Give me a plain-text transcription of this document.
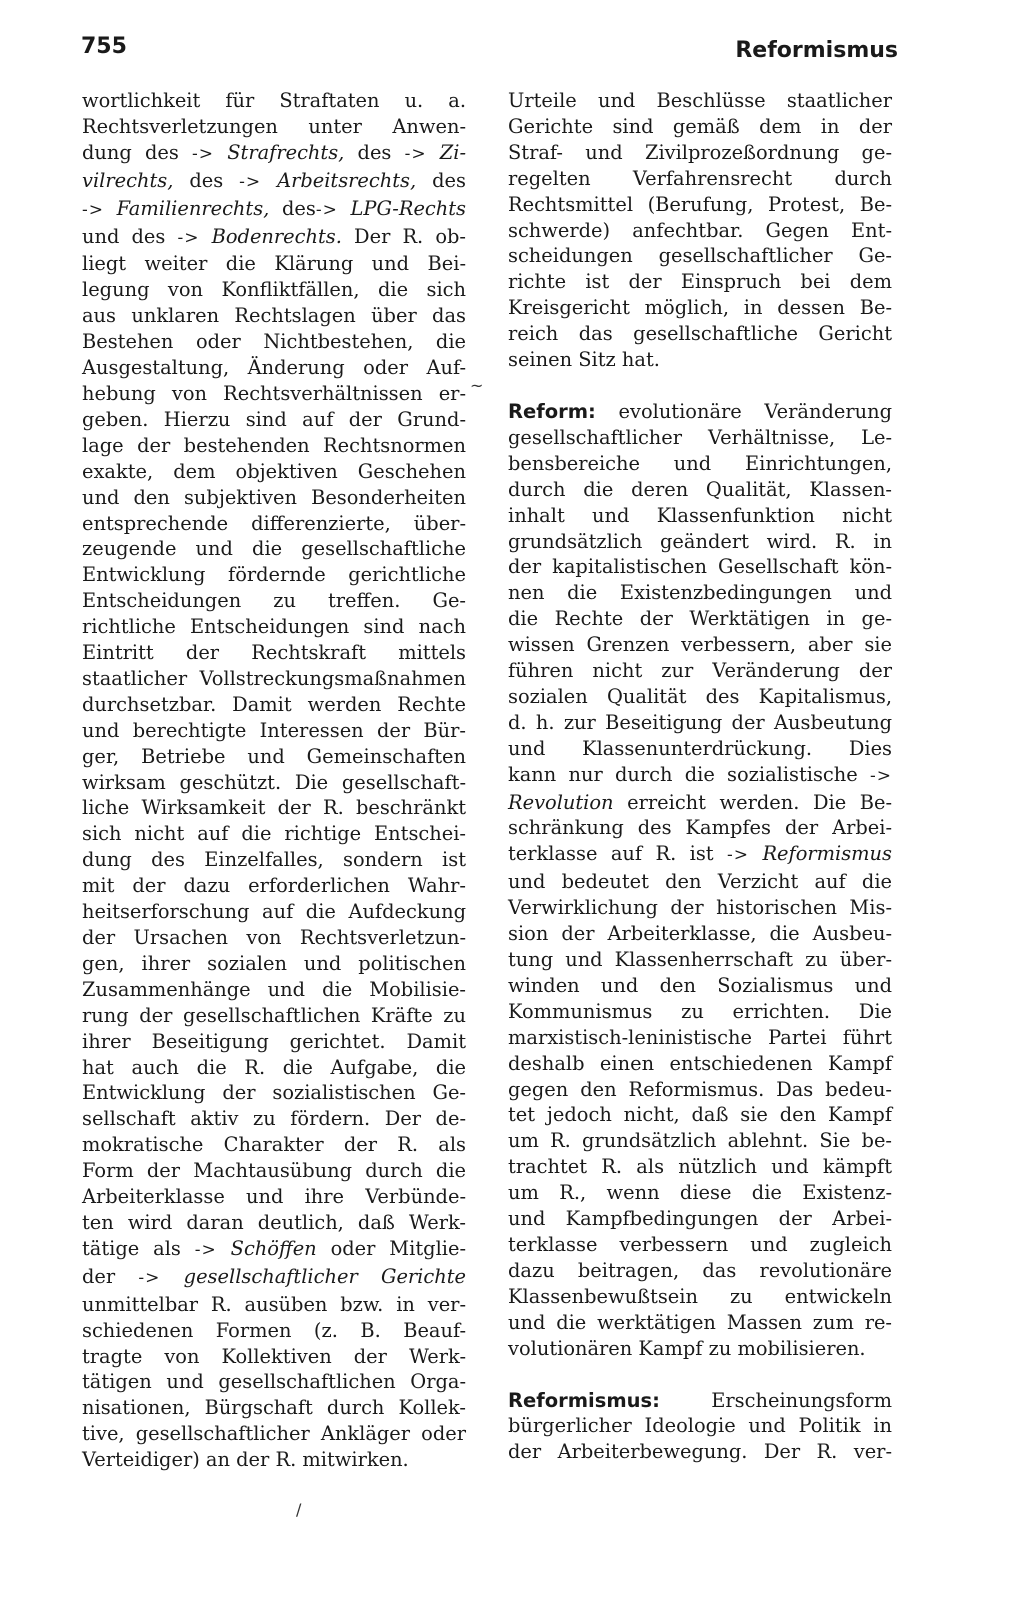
755	Reformismus
wortlichkeit für Straftaten u. a.
Rechtsverletzungen unter Anwen-
dung des -> Strafrechts, des -> Zi-
vilrechts, des -> Arbeitsrechts, des
-> Familienrechts, des-> LPG-Rechts
und des -> Bodenrechts. Der R. ob-
liegt weiter die Klärung und Bei-
legung von Konfliktfällen, die sich
aus unklaren Rechtslagen über das
Bestehen oder Nichtbestehen, die
Ausgestaltung, Änderung oder Auf-
hebung von Rechtsverhältnissen er-
geben. Hierzu sind auf der Grund-
lage der bestehenden Rechtsnormen
exakte, dem objektiven Geschehen
und den subjektiven Besonderheiten
entsprechende differenzierte, über-
zeugende und die gesellschaftliche
Entwicklung fördernde gerichtliche
Entscheidungen zu treffen. Ge-
richtliche Entscheidungen sind nach
Eintritt der Rechtskraft mittels
staatlicher Vollstreckungsmaßnahmen
durchsetzbar. Damit werden Rechte
und berechtigte Interessen der Bür-
ger, Betriebe und Gemeinschaften
wirksam geschützt. Die gesellschaft-
liche Wirksamkeit der R. beschränkt
sich nicht auf die richtige Entschei-
dung des Einzelfalles, sondern ist
mit der dazu erforderlichen Wahr-
heitserforschung auf die Aufdeckung
der Ursachen von Rechtsverletzun-
gen, ihrer sozialen und politischen
Zusammenhänge und die Mobilisie-
rung der gesellschaftlichen Kräfte zu
ihrer Beseitigung gerichtet. Damit
hat auch die R. die Aufgabe, die
Entwicklung der sozialistischen Ge-
sellschaft aktiv zu fördern. Der de-
mokratische Charakter der R. als
Form der Machtausübung durch die
Arbeiterklasse und ihre Verbünde-
ten wird daran deutlich, daß Werk-
tätige als -> Schöffen oder Mitglie-
der -> gesellschaftlicher Gerichte
unmittelbar R. ausüben bzw. in ver-
schiedenen Formen (z. B. Beauf-
tragte von Kollektiven der Werk-
tätigen und gesellschaftlichen Orga-
nisationen, Bürgschaft durch Kollek-
tive, gesellschaftlicher Ankläger oder
Verteidiger) an der R. mitwirken.
Urteile und Beschlüsse staatlicher
Gerichte sind gemäß dem in der
Straf- und Zivilprozeßordnung ge-
regelten Verfahrensrecht durch
Rechtsmittel (Berufung, Protest, Be-
schwerde) anfechtbar. Gegen Ent-
scheidungen gesellschaftlicher Ge-
richte ist der Einspruch bei dem
Kreisgericht möglich, in dessen Be-
reich das gesellschaftliche Gericht
seinen Sitz hat.
Reform: evolutionäre Veränderung
gesellschaftlicher Verhältnisse, Le-
bensbereiche und Einrichtungen,
durch die deren Qualität, Klassen-
inhalt und Klassenfunktion nicht
grundsätzlich geändert wird. R. in
der kapitalistischen Gesellschaft kön-
nen die Existenzbedingungen und
die Rechte der Werktätigen in ge-
wissen Grenzen verbessern, aber sie
führen nicht zur Veränderung der
sozialen Qualität des Kapitalismus,
d. h. zur Beseitigung der Ausbeutung
und Klassenunterdrückung. Dies
kann nur durch die sozialistische ->
Revolution erreicht werden. Die Be-
schränkung des Kampfes der Arbei-
terklasse auf R. ist -> Reformismus
und bedeutet den Verzicht auf die
Verwirklichung der historischen Mis-
sion der Arbeiterklasse, die Ausbeu-
tung und Klassenherrschaft zu über-
winden und den Sozialismus und
Kommunismus zu errichten. Die
marxistisch-leninistische Partei führt
deshalb einen entschiedenen Kampf
gegen den Reformismus. Das bedeu-
tet jedoch nicht, daß sie den Kampf
um R. grundsätzlich ablehnt. Sie be-
trachtet R. als nützlich und kämpft
um R., wenn diese die Existenz-
und Kampfbedingungen der Arbei-
terklasse verbessern und zugleich
dazu beitragen, das revolutionäre
Klassenbewußtsein zu entwickeln
und die werktätigen Massen zum re-
volutionären Kampf zu mobilisieren.
Reformismus:	Erscheinungsform
bürgerlicher Ideologie und Politik in
der Arbeiterbewegung. Der R. ver-
~
/
